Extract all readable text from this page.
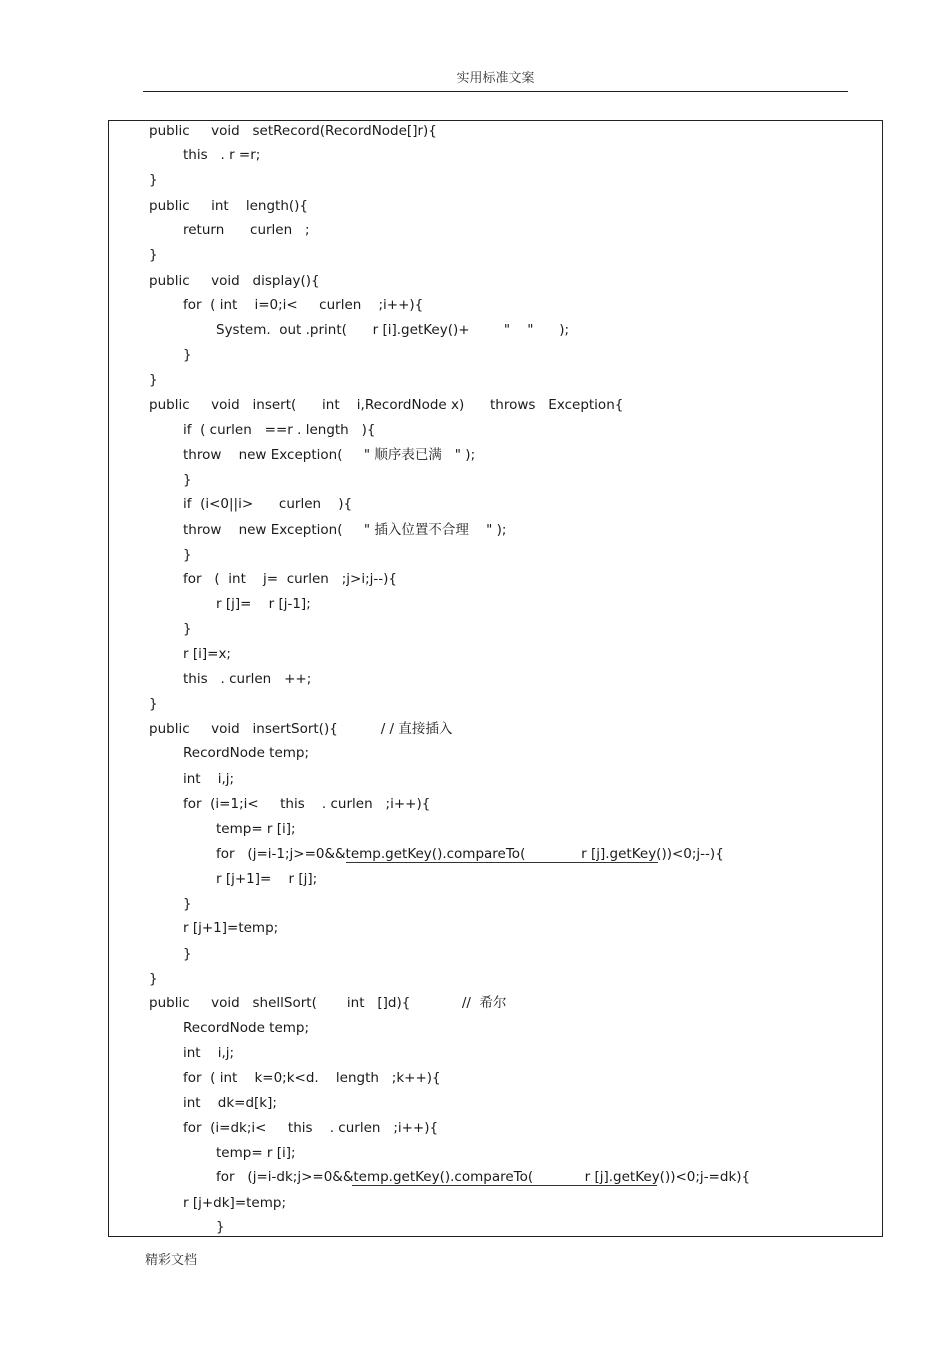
实用标准文案
public     void   setRecord(RecordNode[]r){
this   . r =r;
}
public     int    length(){
return      curlen   ;
}
public     void   display(){
for  ( int    i=0;i<     curlen    ;i++){
System.  out .print(      r [i].getKey()+        "    "      );
}
}
public     void   insert(      int    i,RecordNode x)      throws   Exception{
if  ( curlen   ==r . length   ){
throw    new Exception(     " 顺序表已满   " );
}
if  (i<0||i>      curlen    ){
throw    new Exception(     " 插入位置不合理    " );
}
for   (  int    j=  curlen   ;j>i;j--){
r [j]=    r [j-1];
}
r [i]=x;
this   . curlen   ++;
}
public     void   insertSort(){          / / 直接插入
RecordNode temp;
int    i,j;
for  (i=1;i<     this    . curlen   ;i++){
temp= r [i];
for   (j=i-1;j>=0&&temp.getKey().compareTo(             r [j].getKey())<0;j--){
r [j+1]=    r [j];
}
r [j+1]=temp;
}
}
public     void   shellSort(       int   []d){            //  希尔
RecordNode temp;
int    i,j;
for  ( int    k=0;k<d.    length   ;k++){
int    dk=d[k];
for  (i=dk;i<     this    . curlen   ;i++){
temp= r [i];
for   (j=i-dk;j>=0&&temp.getKey().compareTo(            r [j].getKey())<0;j-=dk){
r [j+dk]=temp;
}
精彩文档
